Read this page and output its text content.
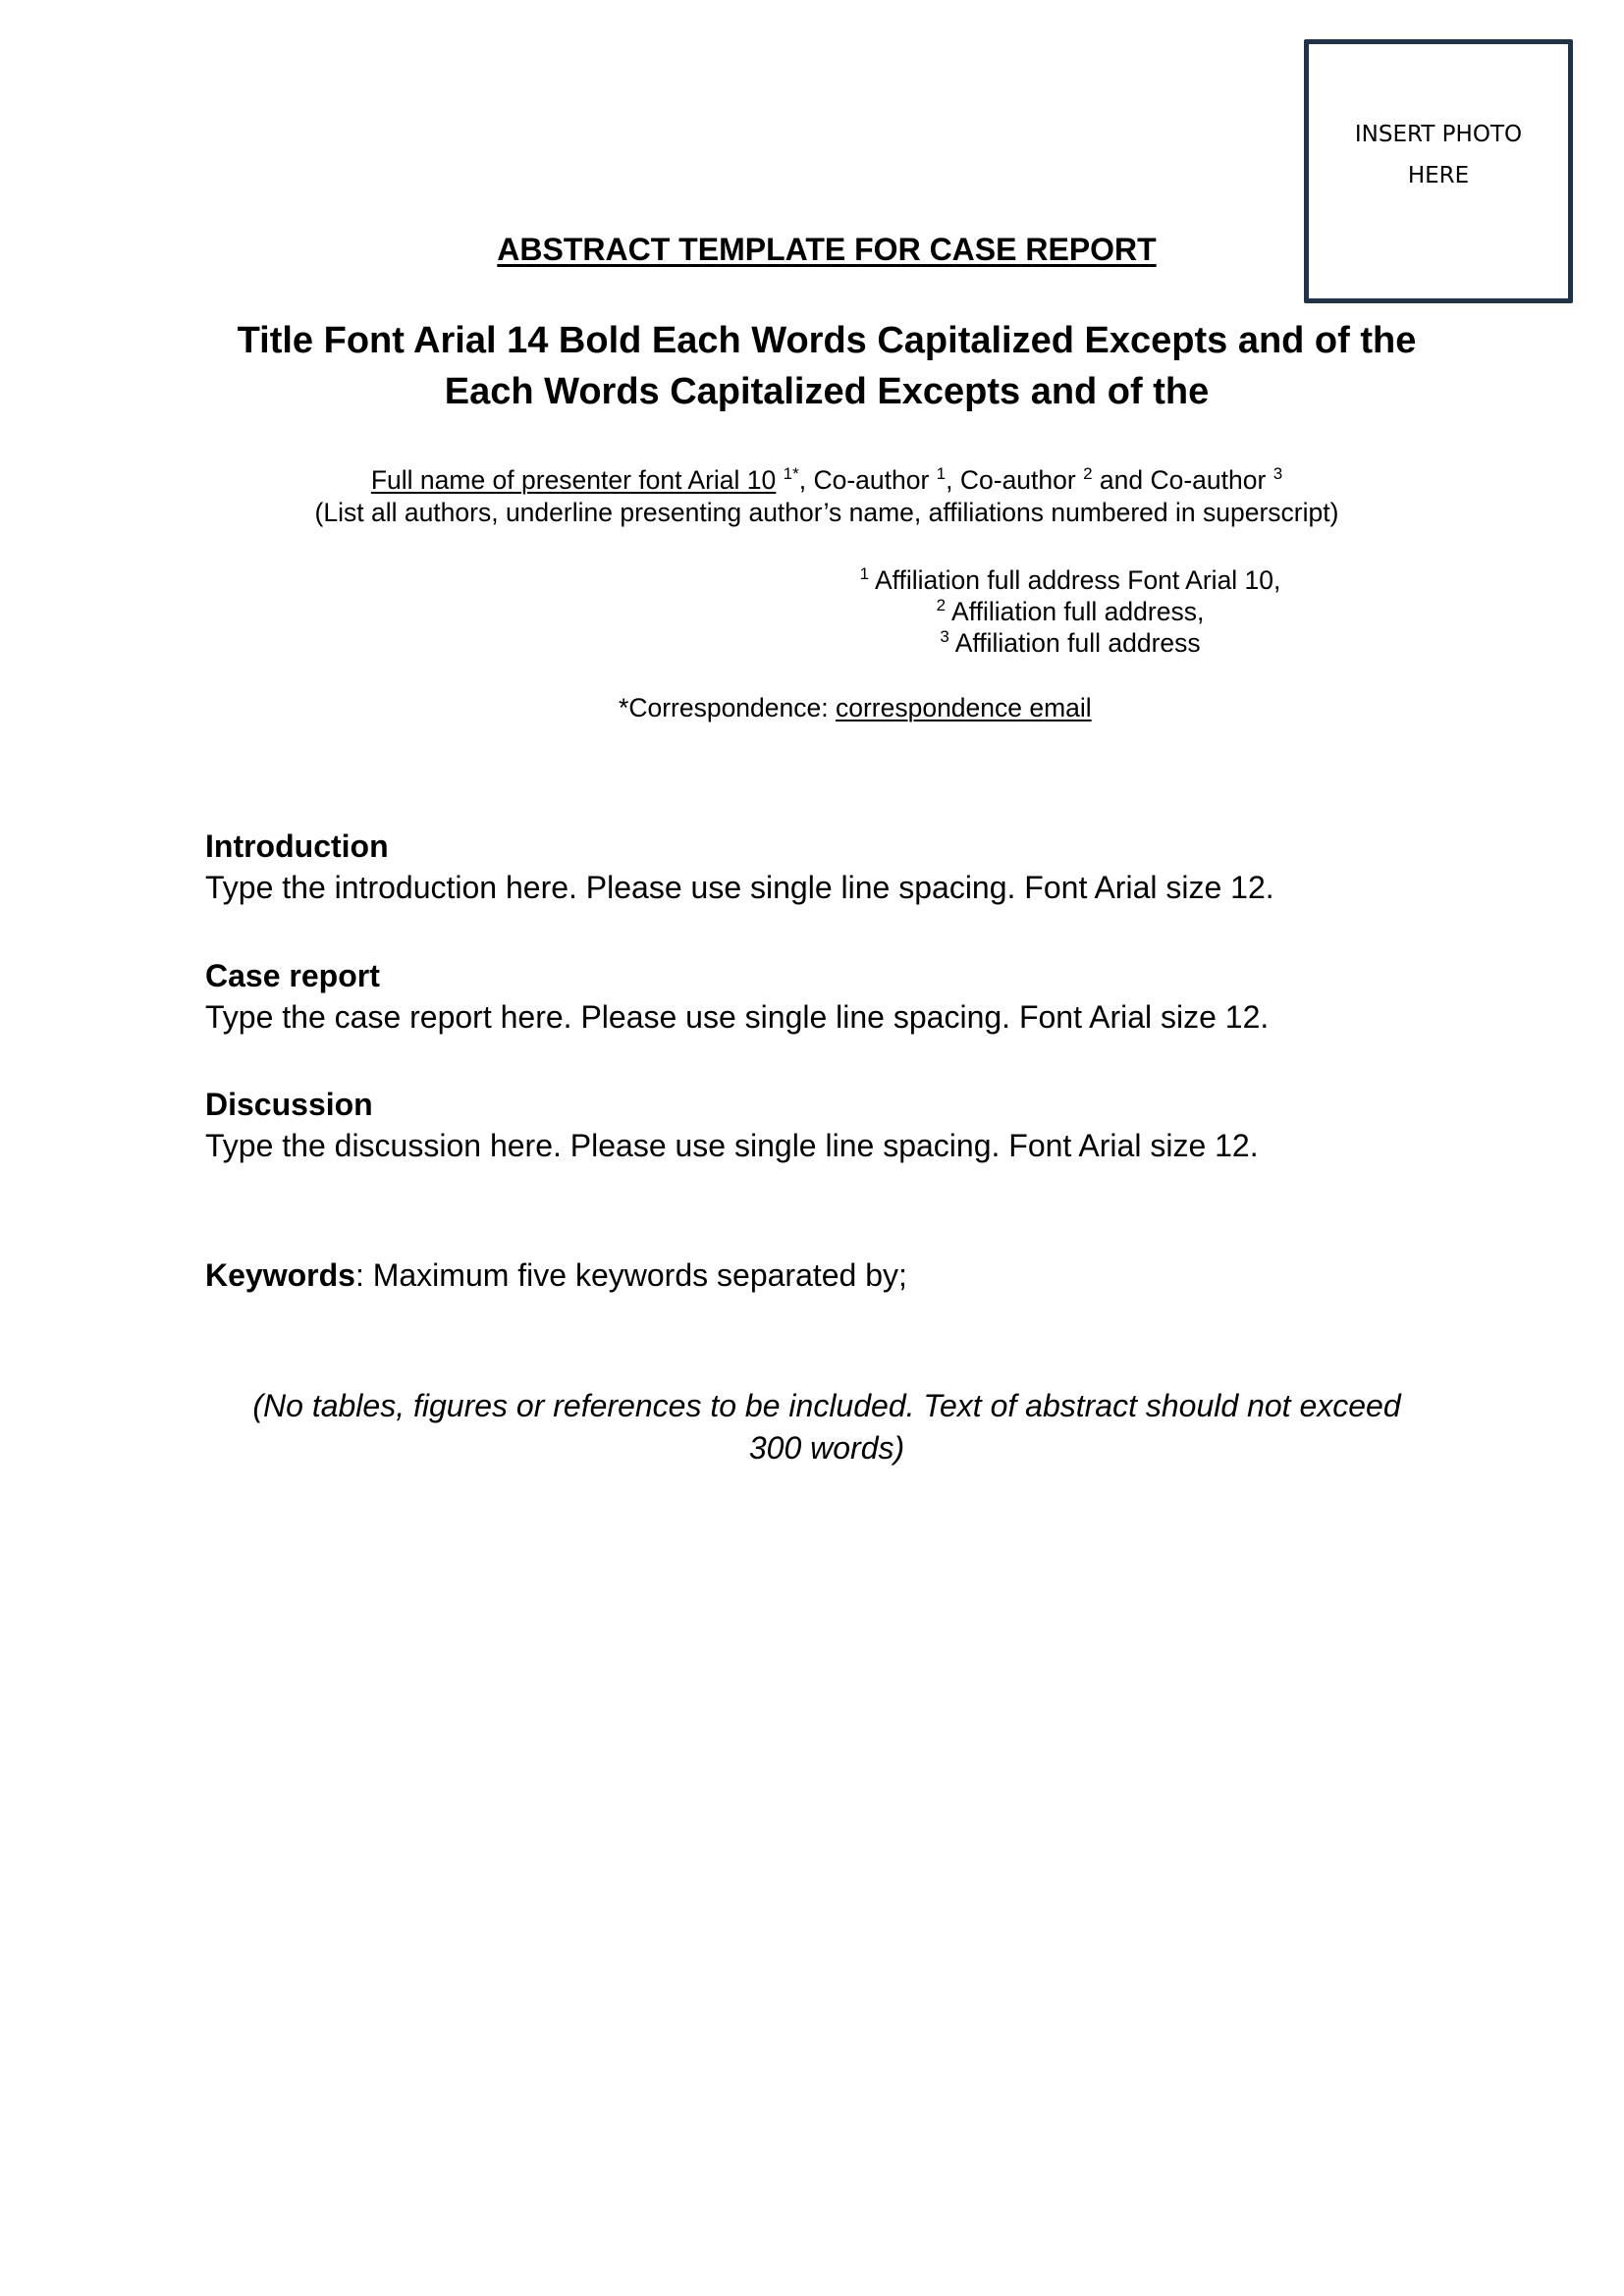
INSERT PHOTO
HERE
ABSTRACT TEMPLATE FOR CASE REPORT
Title Font Arial 14 Bold Each Words Capitalized Excepts and of the
Each Words Capitalized Excepts and of the
Full name of presenter font Arial 10 $^{1*}$, Co-author $^1$, Co-author $^2$ and Co-author $^3$
(List all authors, underline presenting author’s name, affiliations numbered in superscript)
$^1$ Affiliation full address Font Arial 10,
$^2$ Affiliation full address,
$^3$ Affiliation full address
*Correspondence: correspondence email
Introduction
Type the introduction here. Please use single line spacing. Font Arial size 12.
Case report
Type the case report here. Please use single line spacing. Font Arial size 12.
Discussion
Type the discussion here. Please use single line spacing. Font Arial size 12.
Keywords: Maximum five keywords separated by;
(No tables, figures or references to be included. Text of abstract should not exceed
300 words)
